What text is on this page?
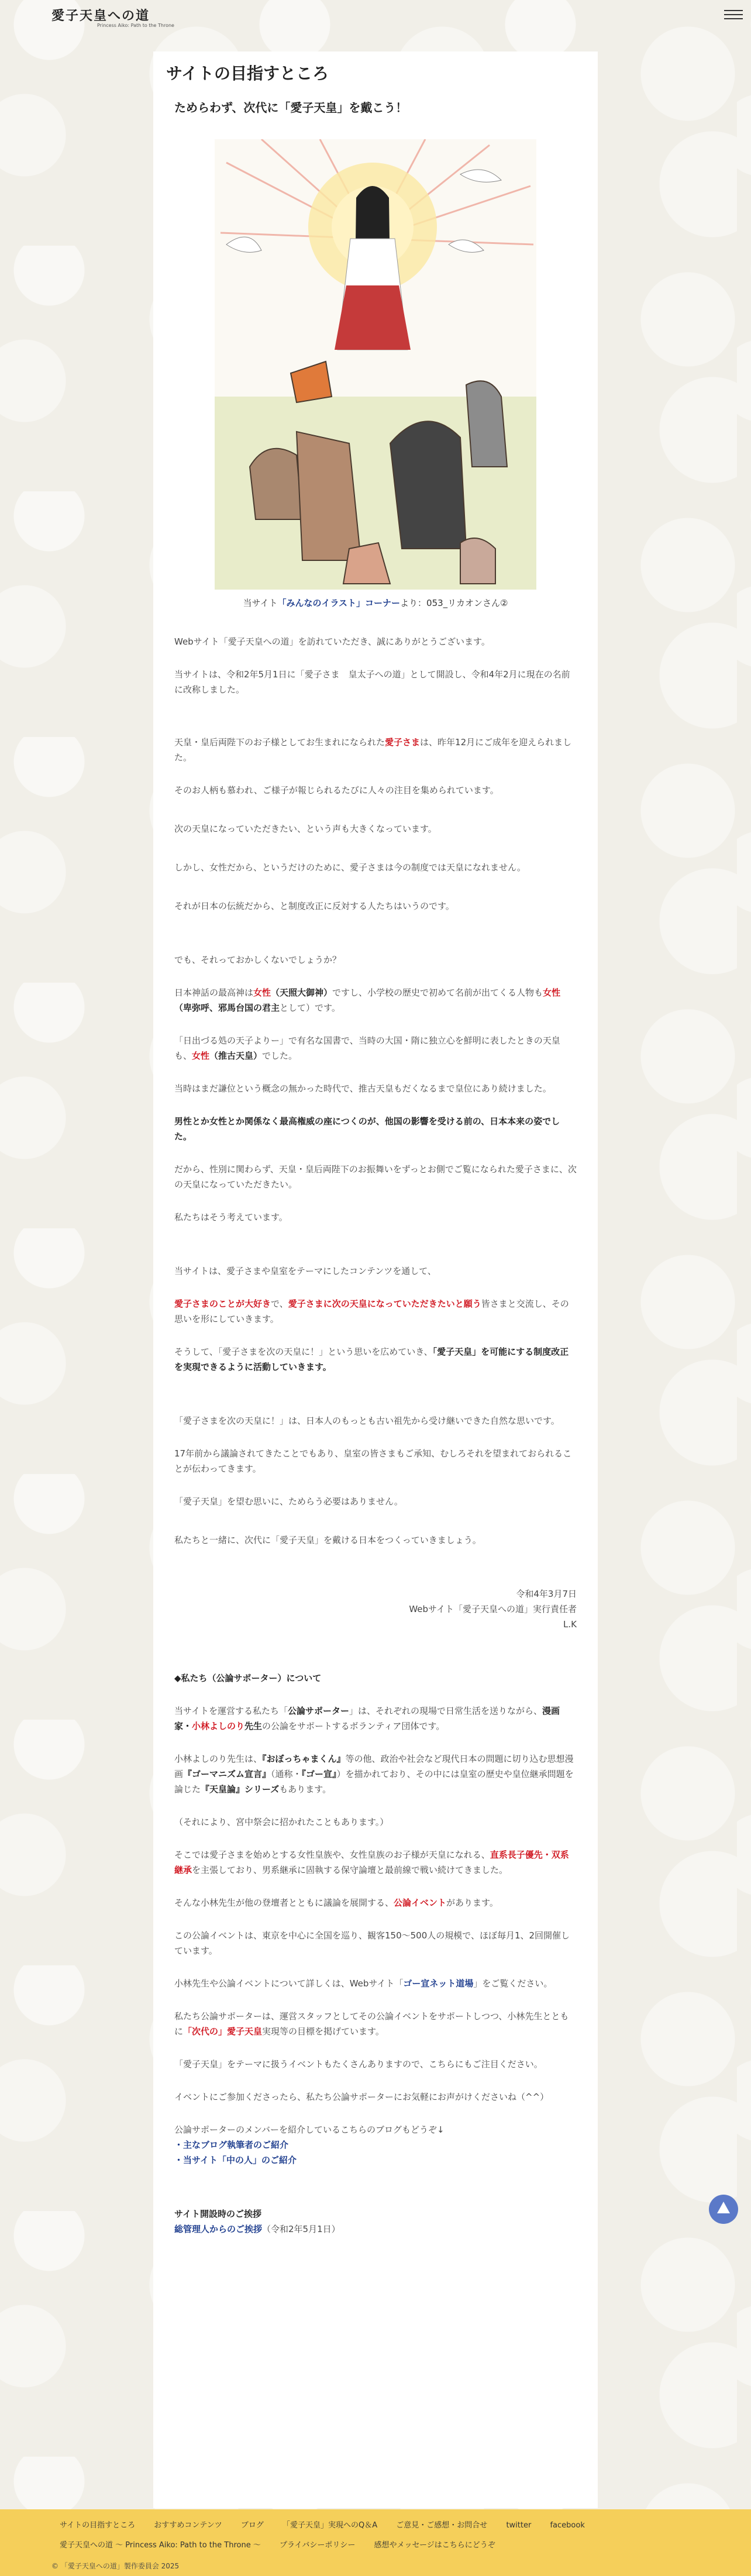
愛子天皇への道
Princess Aiko: Path to the Throne
サイトの目指すところ
ためらわず、次代に「愛子天皇」を戴こう！
当サイト「みんなのイラスト」コーナーより：053_リカオンさん②

Webサイト「愛子天皇への道」を訪れていただき、誠にありがとうございます。

当サイトは、令和2年5月1日に「愛子さま　皇太子への道」として開設し、令和4年2月に現在の名前に改称しました。

天皇・皇后両陛下のお子様としてお生まれになられた愛子さまは、昨年12月にご成年を迎えられました。

そのお人柄も慕われ、ご様子が報じられるたびに人々の注目を集められています。

次の天皇になっていただきたい、という声も大きくなっています。

しかし、女性だから、というだけのために、愛子さまは今の制度では天皇になれません。

それが日本の伝統だから、と制度改正に反対する人たちはいうのです。

でも、それっておかしくないでしょうか？

日本神話の最高神は女性（天照大御神）ですし、小学校の歴史で初めて名前が出てくる人物も女性（卑弥呼、邪馬台国の君主として）です。

「日出づる処の天子よりー」で有名な国書で、当時の大国・隋に独立心を鮮明に表したときの天皇も、女性（推古天皇）でした。

当時はまだ謙位という概念の無かった時代で、推古天皇もだくなるまで皇位にあり続けました。

男性とか女性とか関係なく最高権威の座につくのが、他国の影響を受ける前の、日本本来の姿でした。

だから、性別に関わらず、天皇・皇后両陛下のお振舞いをずっとお側でご覧になられた愛子さまに、次の天皇になっていただきたい。

私たちはそう考えています。

当サイトは、愛子さまや皇室をテーマにしたコンテンツを通して、

愛子さまのことが大好きで、愛子さまに次の天皇になっていただきたいと願う皆さまと交流し、その思いを形にしていきます。

そうして、「愛子さまを次の天皇に！」という思いを広めていき、「愛子天皇」を可能にする制度改正を実現できるように活動していきます。

「愛子さまを次の天皇に！」は、日本人のもっとも古い祖先から受け継いできた自然な思いです。

17年前から議論されてきたことでもあり、皇室の皆さまもご承知、むしろそれを望まれておられることが伝わってきます。

「愛子天皇」を望む思いに、ためらう必要はありません。

私たちと一緒に、次代に「愛子天皇」を戴ける日本をつくっていきましょう。

令和4年3月7日

Webサイト「愛子天皇への道」実行責任者

L.K

◆私たち（公論サポーター）について

当サイトを運営する私たち「公論サポーター」は、それぞれの現場で日常生活を送りながら、漫画家・小林よしのり先生の公論をサポートするボランティア団体です。

小林よしのり先生は、『おぼっちゃまくん』等の他、政治や社会など現代日本の問題に切り込む思想漫画『ゴーマニズム宣言』（通称・『ゴー宣』）を描かれており、その中には皇室の歴史や皇位継承問題を論じた『天皇論』シリーズもあります。

（それにより、宮中祭会に招かれたこともあります。）

そこでは愛子さまを始めとする女性皇族や、女性皇族のお子様が天皇になれる、直系長子優先・双系継承を主張しており、男系継承に固執する保守論壇と最前線で戦い続けてきました。

そんな小林先生が他の登壇者とともに議論を展開する、公論イベントがあります。

この公論イベントは、東京を中心に全国を巡り、観客150～500人の規模で、ほぼ毎月1、2回開催しています。

小林先生や公論イベントについて詳しくは、Webサイト「ゴー宣ネット道場」をご覧ください。

私たち公論サポーターは、運営スタッフとしてその公論イベントをサポートしつつ、小林先生とともに「次代の」愛子天皇実現等の目標を掲げています。

「愛子天皇」をテーマに扱うイベントもたくさんありますので、こちらにもご注目ください。

イベントにご参加くださったら、私たち公論サポーターにお気軽にお声がけくださいね（^^）

公論サポーターのメンバーを紹介しているこちらのブログもどうぞ↓

・主なブログ執筆者のご紹介

・当サイト「中の人」のご紹介

サイト開設時のご挨拶

総管理人からのご挨拶（令和2年5月1日）

サイトの目指すところ おすすめコンテンツ ブログ 「愛子天皇」実現へのQ＆A ご意見・ご感想・お問合せ twitter facebook
愛子天皇への道 〜 Princess Aiko: Path to the Throne 〜 プライバシーポリシー 感想やメッセージはこちらにどうぞ
© 「愛子天皇への道」製作委員会 2025
